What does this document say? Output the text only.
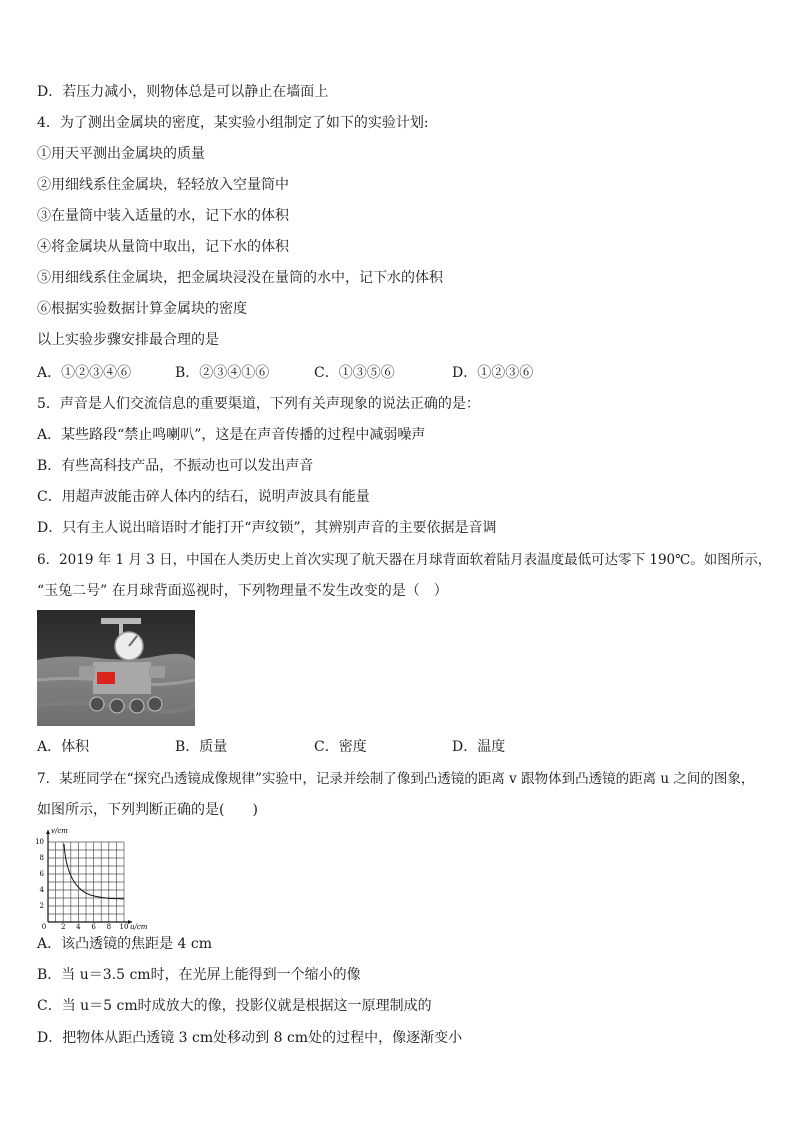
D．若压力减小，则物体总是可以静止在墙面上
4．为了测出金属块的密度，某实验小组制定了如下的实验计划:
①用天平测出金属块的质量
②用细线系住金属块，轻轻放入空量筒中
③在量筒中装入适量的水，记下水的体积
④将金属块从量筒中取出，记下水的体积
⑤用细线系住金属块，把金属块浸没在量筒的水中，记下水的体积
⑥根据实验数据计算金属块的密度
以上实验步骤安排最合理的是
A．①②③④⑥	B．②③④①⑥	C．①③⑤⑥	D．①②③⑥
5．声音是人们交流信息的重要渠道，下列有关声现象的说法正确的是：
A．某些路段“禁止鸣喇叭”，这是在声音传播的过程中减弱噪声
B．有些高科技产品，不振动也可以发出声音
C．用超声波能击碎人体内的结石，说明声波具有能量
D．只有主人说出暗语时才能打开“声纹锁”，其辨别声音的主要依据是音调
6．2019 年 1 月 3 日，中国在人类历史上首次实现了航天器在月球背面软着陆月表温度最低可达零下 190℃。如图所示，
“玉兔二号” 在月球背面巡视时，下列物理量不发生改变的是（　）
A．体积	B．质量	C．密度	D．温度
7．某班同学在“探究凸透镜成像规律”实验中，记录并绘制了像到凸透镜的距离 v 跟物体到凸透镜的距离 u 之间的图象，
如图所示，下列判断正确的是(　　)
v/cm
u/cm
10
8
6
4
2
0 2 4 6 8 10
A．该凸透镜的焦距是 4 cm
B．当 u＝3.5 cm时，在光屏上能得到一个缩小的像
C．当 u＝5 cm时成放大的像，投影仪就是根据这一原理制成的
D．把物体从距凸透镜 3 cm处移动到 8 cm处的过程中，像逐渐变小
